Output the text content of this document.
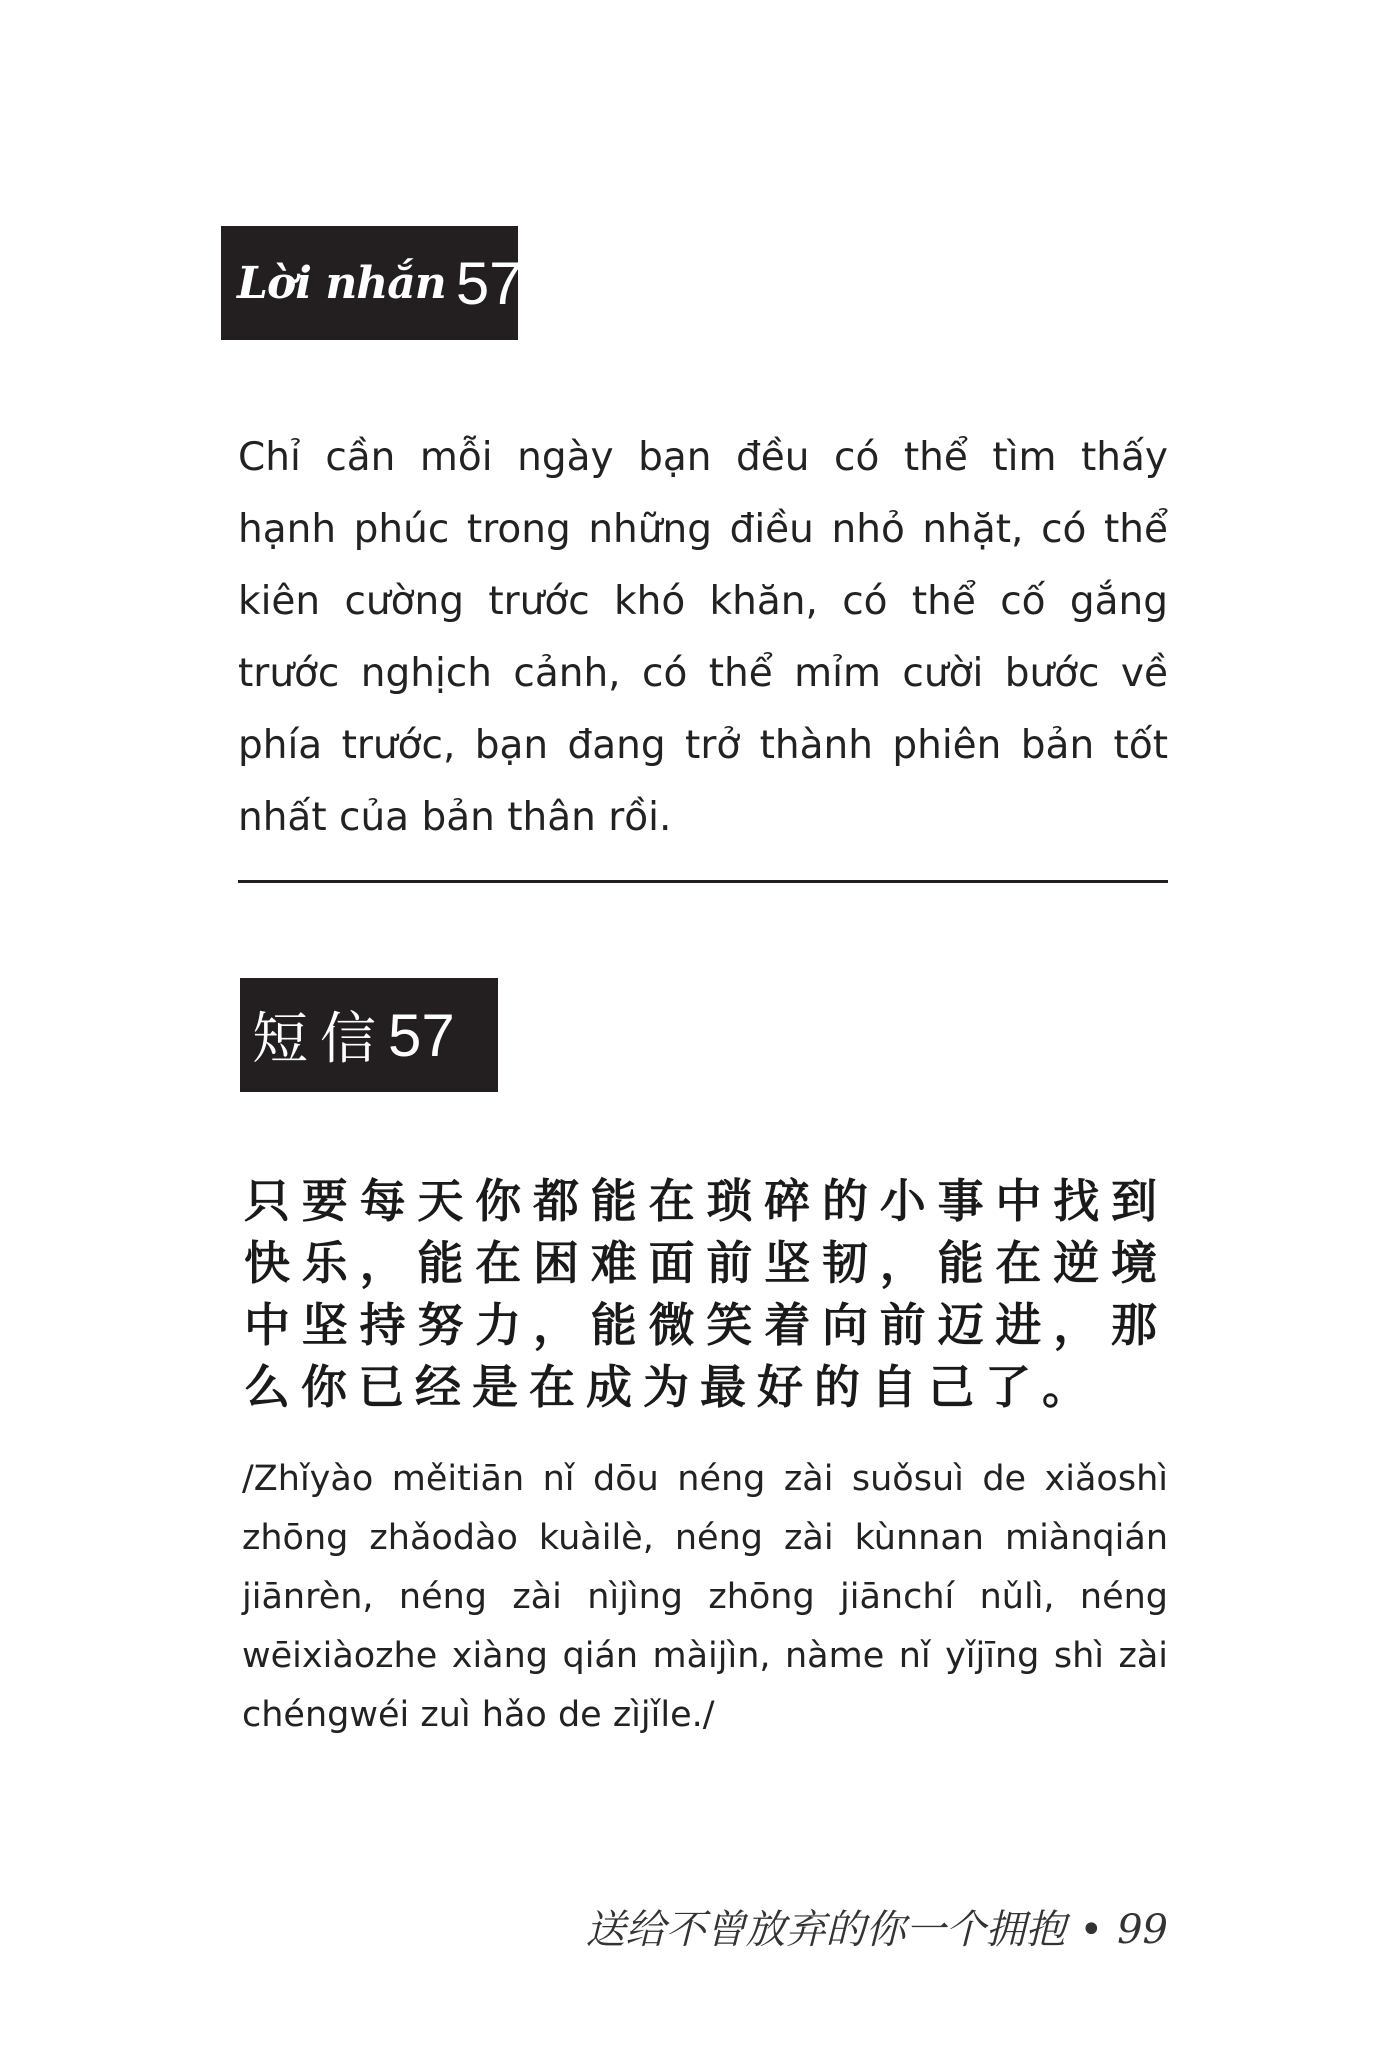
Lời nhắn 57

Chỉ cần mỗi ngày bạn đều có thể tìm thấy hạnh phúc trong những điều nhỏ nhặt, có thể kiên cường trước khó khăn, có thể cố gắng trước nghịch cảnh, có thể mỉm cười bước về phía trước, bạn đang trở thành phiên bản tốt nhất của bản thân rồi.

短信 57

只要每天你都能在琐碎的小事中找到快乐，能在困难面前坚韧，能在逆境中坚持努力，能微笑着向前迈进，那么你已经是在成为最好的自己了。

/Zhǐyào měitiān nǐ dōu néng zài suǒsuì de xiǎoshì zhōng zhǎodào kuàilè, néng zài kùnnan miànqián jiānrèn, néng zài nìjìng zhōng jiānchí nǔlì, néng wēixiàozhe xiàng qián màijìn, nàme nǐ yǐjīng shì zài chéngwéi zuì hǎo de zìjǐle./

送给不曾放弃的你一个拥抱 • 99
